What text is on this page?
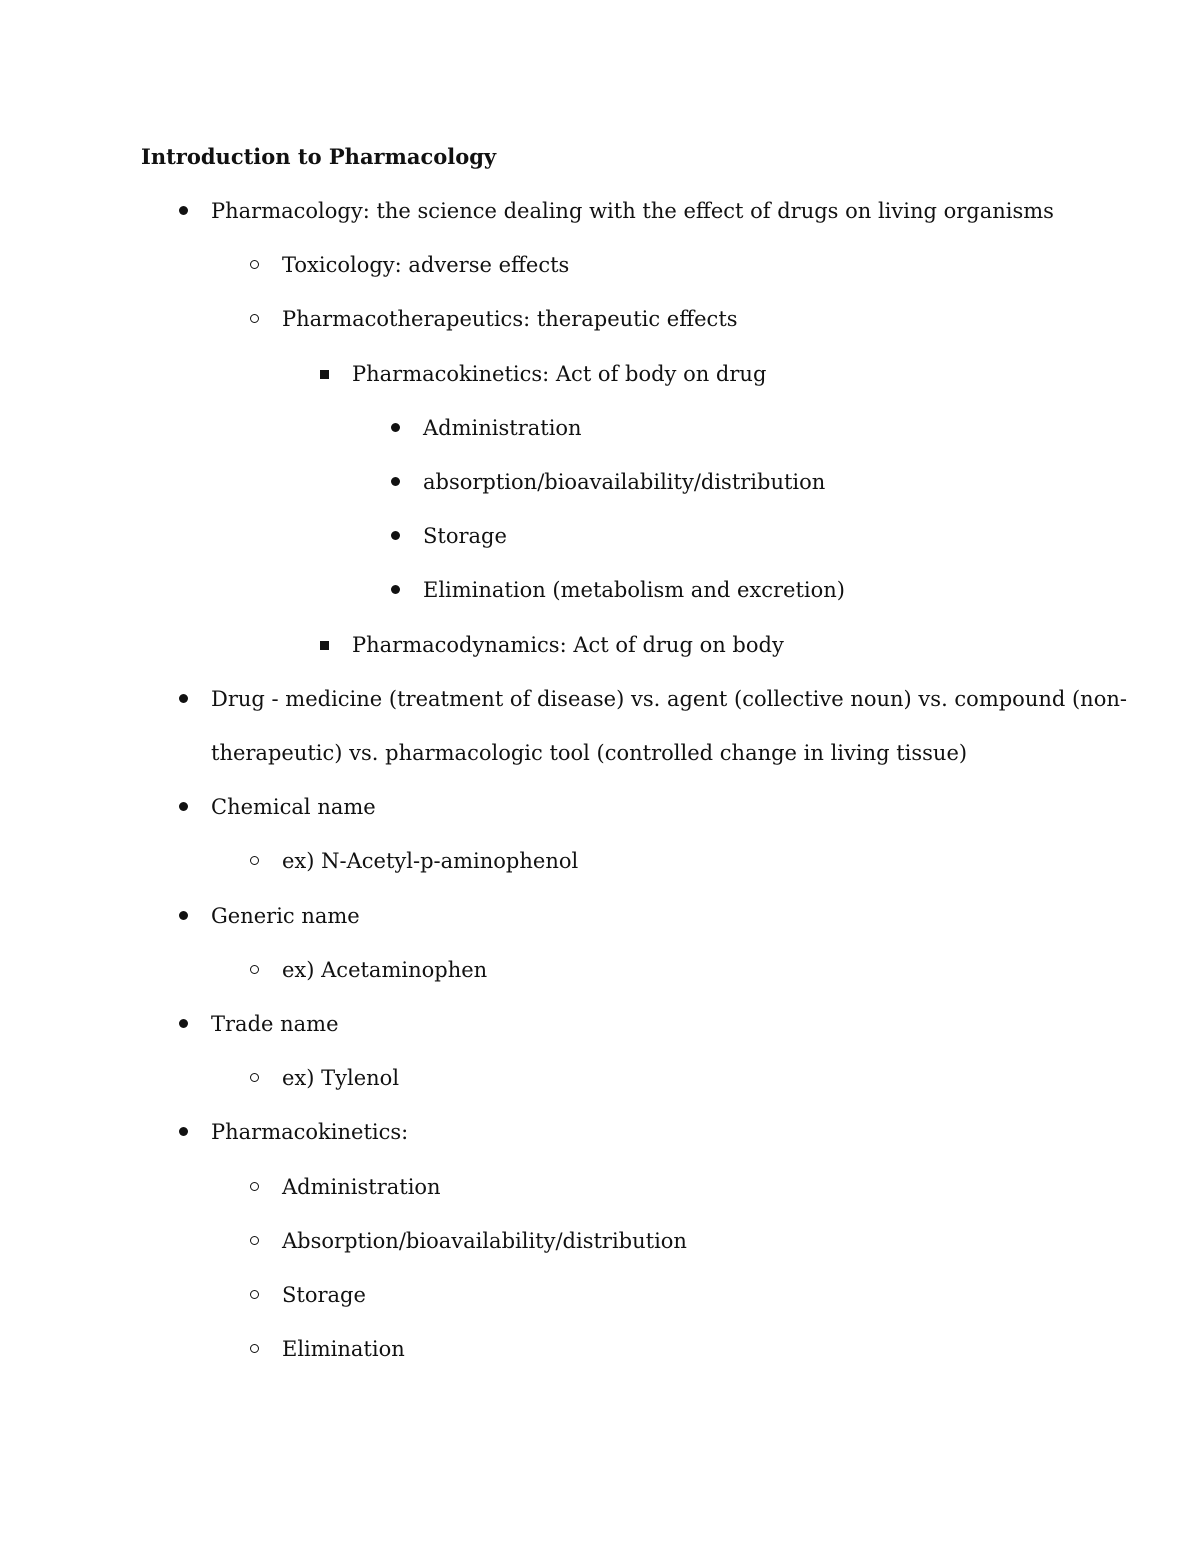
Introduction to Pharmacology
Pharmacology: the science dealing with the effect of drugs on living organisms
Toxicology: adverse effects
Pharmacotherapeutics: therapeutic effects
Pharmacokinetics: Act of body on drug
Administration
absorption/bioavailability/distribution
Storage
Elimination (metabolism and excretion)
Pharmacodynamics: Act of drug on body
Drug - medicine (treatment of disease) vs. agent (collective noun) vs. compound (non-
therapeutic) vs. pharmacologic tool (controlled change in living tissue)
Chemical name
ex) N-Acetyl-p-aminophenol
Generic name
ex) Acetaminophen
Trade name
ex) Tylenol
Pharmacokinetics:
Administration
Absorption/bioavailability/distribution
Storage
Elimination
